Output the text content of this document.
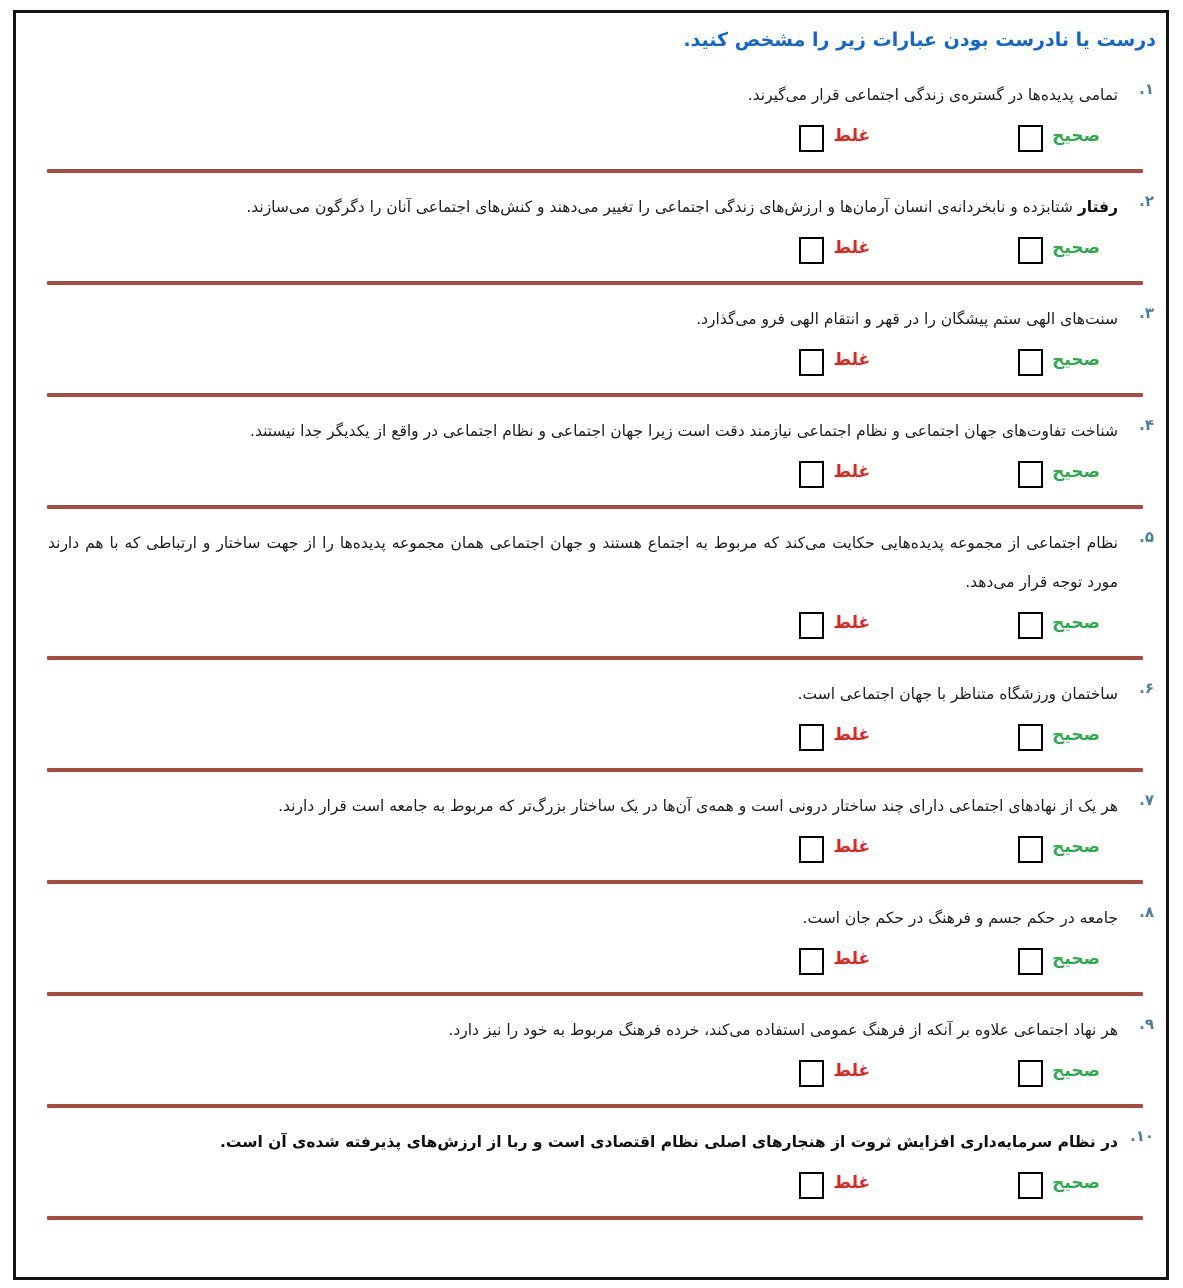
درست یا نادرست بودن عبارات زیر را مشخص کنید.
۱.

تمامی پدیده‌ها در گستره‌ی زندگی اجتماعی قرار می‌گیرند.

صحیح
غلط
۲.

رفتار شتابزده و نابخردانه‌ی انسان آرمان‌ها و ارزش‌های زندگی اجتماعی را تغییر می‌دهند و کنش‌های اجتماعی آنان را دگرگون می‌سازند.

صحیح
غلط
۳.

سنت‌های الهی ستم پیشگان را در قهر و انتقام الهی فرو می‌گذارد.

صحیح
غلط
۴.

شناخت تفاوت‌های جهان اجتماعی و نظام اجتماعی نیازمند دقت است زیرا جهان اجتماعی و نظام اجتماعی در واقع از یکدیگر جدا نیستند.

صحیح
غلط
۵.

نظام اجتماعی از مجموعه پدیده‌هایی حکایت می‌کند که مربوط به اجتماع هستند و جهان اجتماعی همان مجموعه پدیده‌ها را از جهت ساختار و ارتباطی که با هم دارند مورد توجه قرار می‌دهد.

صحیح
غلط
۶.

ساختمان ورزشگاه متناظر با جهان اجتماعی است.

صحیح
غلط
۷.

هر یک از نهادهای اجتماعی دارای چند ساختار درونی است و همه‌ی آن‌ها در یک ساختار بزرگ‌تر که مربوط به جامعه است قرار دارند.

صحیح
غلط
۸.

جامعه در حکم جسم و فرهنگ در حکم جان است.

صحیح
غلط
۹.

هر نهاد اجتماعی علاوه بر آنکه از فرهنگ عمومی استفاده می‌کند، خرده فرهنگ مربوط به خود را نیز دارد.

صحیح
غلط
۱۰.

در نظام سرمایه‌داری افزایش ثروت از هنجارهای اصلی نظام اقتصادی است و ربا از ارزش‌های پذیرفته شده‌ی آن است.

صحیح
غلط
